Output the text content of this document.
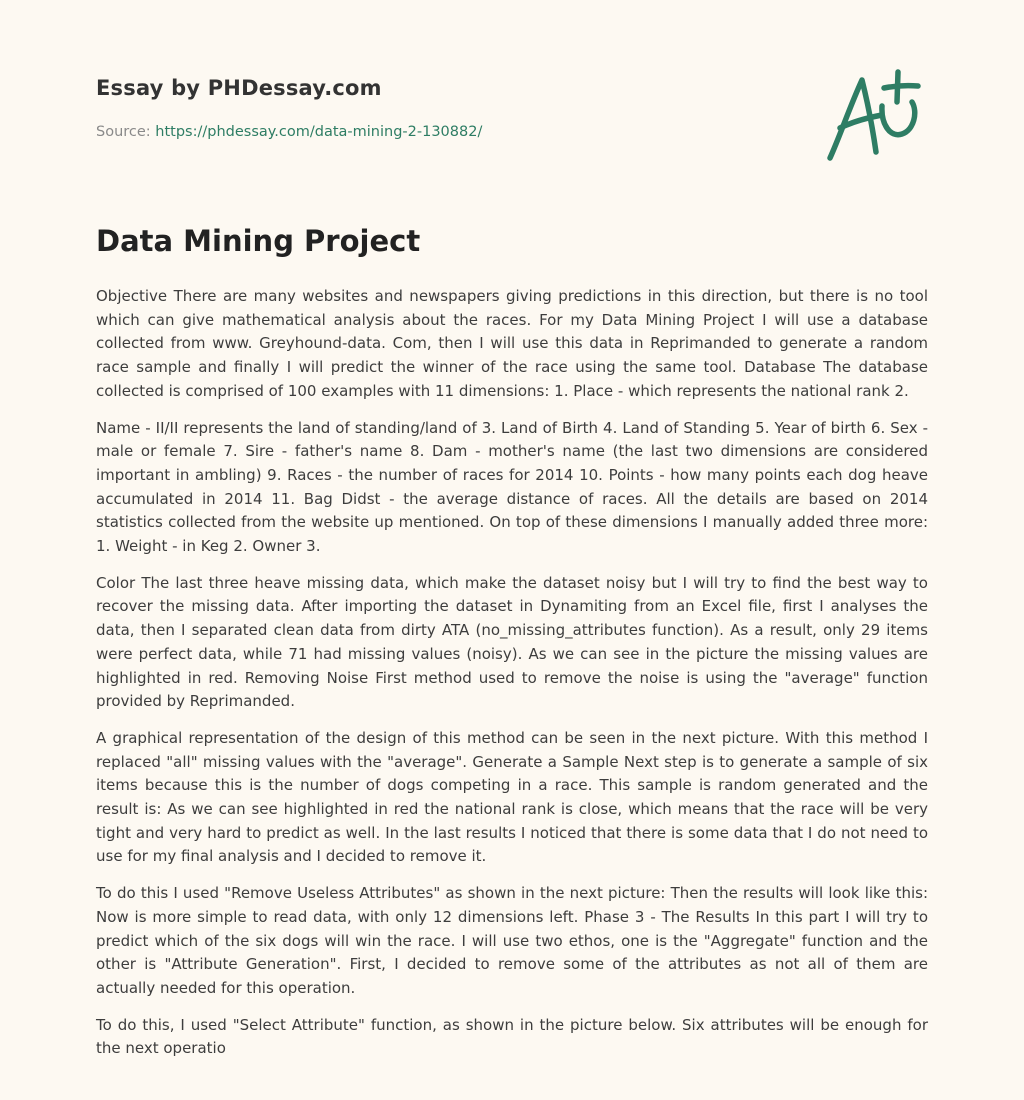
Essay by PHDessay.com
Source: https://phdessay.com/data-mining-2-130882/
Data Mining Project

Objective There are many websites and newspapers giving predictions in this direction, but there is no tool which can give mathematical analysis about the races. For my Data Mining Project I will use a database collected from www. Greyhound-data. Com, then I will use this data in Reprimanded to generate a random race sample and finally I will predict the winner of the race using the same tool. Database The database collected is comprised of 100 examples with 11 dimensions: 1. Place - which represents the national rank 2.

Name - II/II represents the land of standing/land of 3. Land of Birth 4. Land of Standing 5. Year of birth 6. Sex - male or female 7. Sire - father's name 8. Dam - mother's name (the last two dimensions are considered important in ambling) 9. Races - the number of races for 2014 10. Points - how many points each dog heave accumulated in 2014 11. Bag Didst - the average distance of races. All the details are based on 2014 statistics collected from the website up mentioned. On top of these dimensions I manually added three more: 1. Weight - in Keg 2. Owner 3.

Color The last three heave missing data, which make the dataset noisy but I will try to find the best way to recover the missing data. After importing the dataset in Dynamiting from an Excel file, first I analyses the data, then I separated clean data from dirty ATA (no_missing_attributes function). As a result, only 29 items were perfect data, while 71 had missing values (noisy). As we can see in the picture the missing values are highlighted in red. Removing Noise First method used to remove the noise is using the "average" function provided by Reprimanded.

A graphical representation of the design of this method can be seen in the next picture. With this method I replaced "all" missing values with the "average". Generate a Sample Next step is to generate a sample of six items because this is the number of dogs competing in a race. This sample is random generated and the result is: As we can see highlighted in red the national rank is close, which means that the race will be very tight and very hard to predict as well. In the last results I noticed that there is some data that I do not need to use for my final analysis and I decided to remove it.

To do this I used "Remove Useless Attributes" as shown in the next picture: Then the results will look like this: Now is more simple to read data, with only 12 dimensions left. Phase 3 - The Results In this part I will try to predict which of the six dogs will win the race. I will use two ethos, one is the "Aggregate" function and the other is "Attribute Generation". First, I decided to remove some of the attributes as not all of them are actually needed for this operation.

To do this, I used "Select Attribute" function, as shown in the picture below. Six attributes will be enough for the next operatio
